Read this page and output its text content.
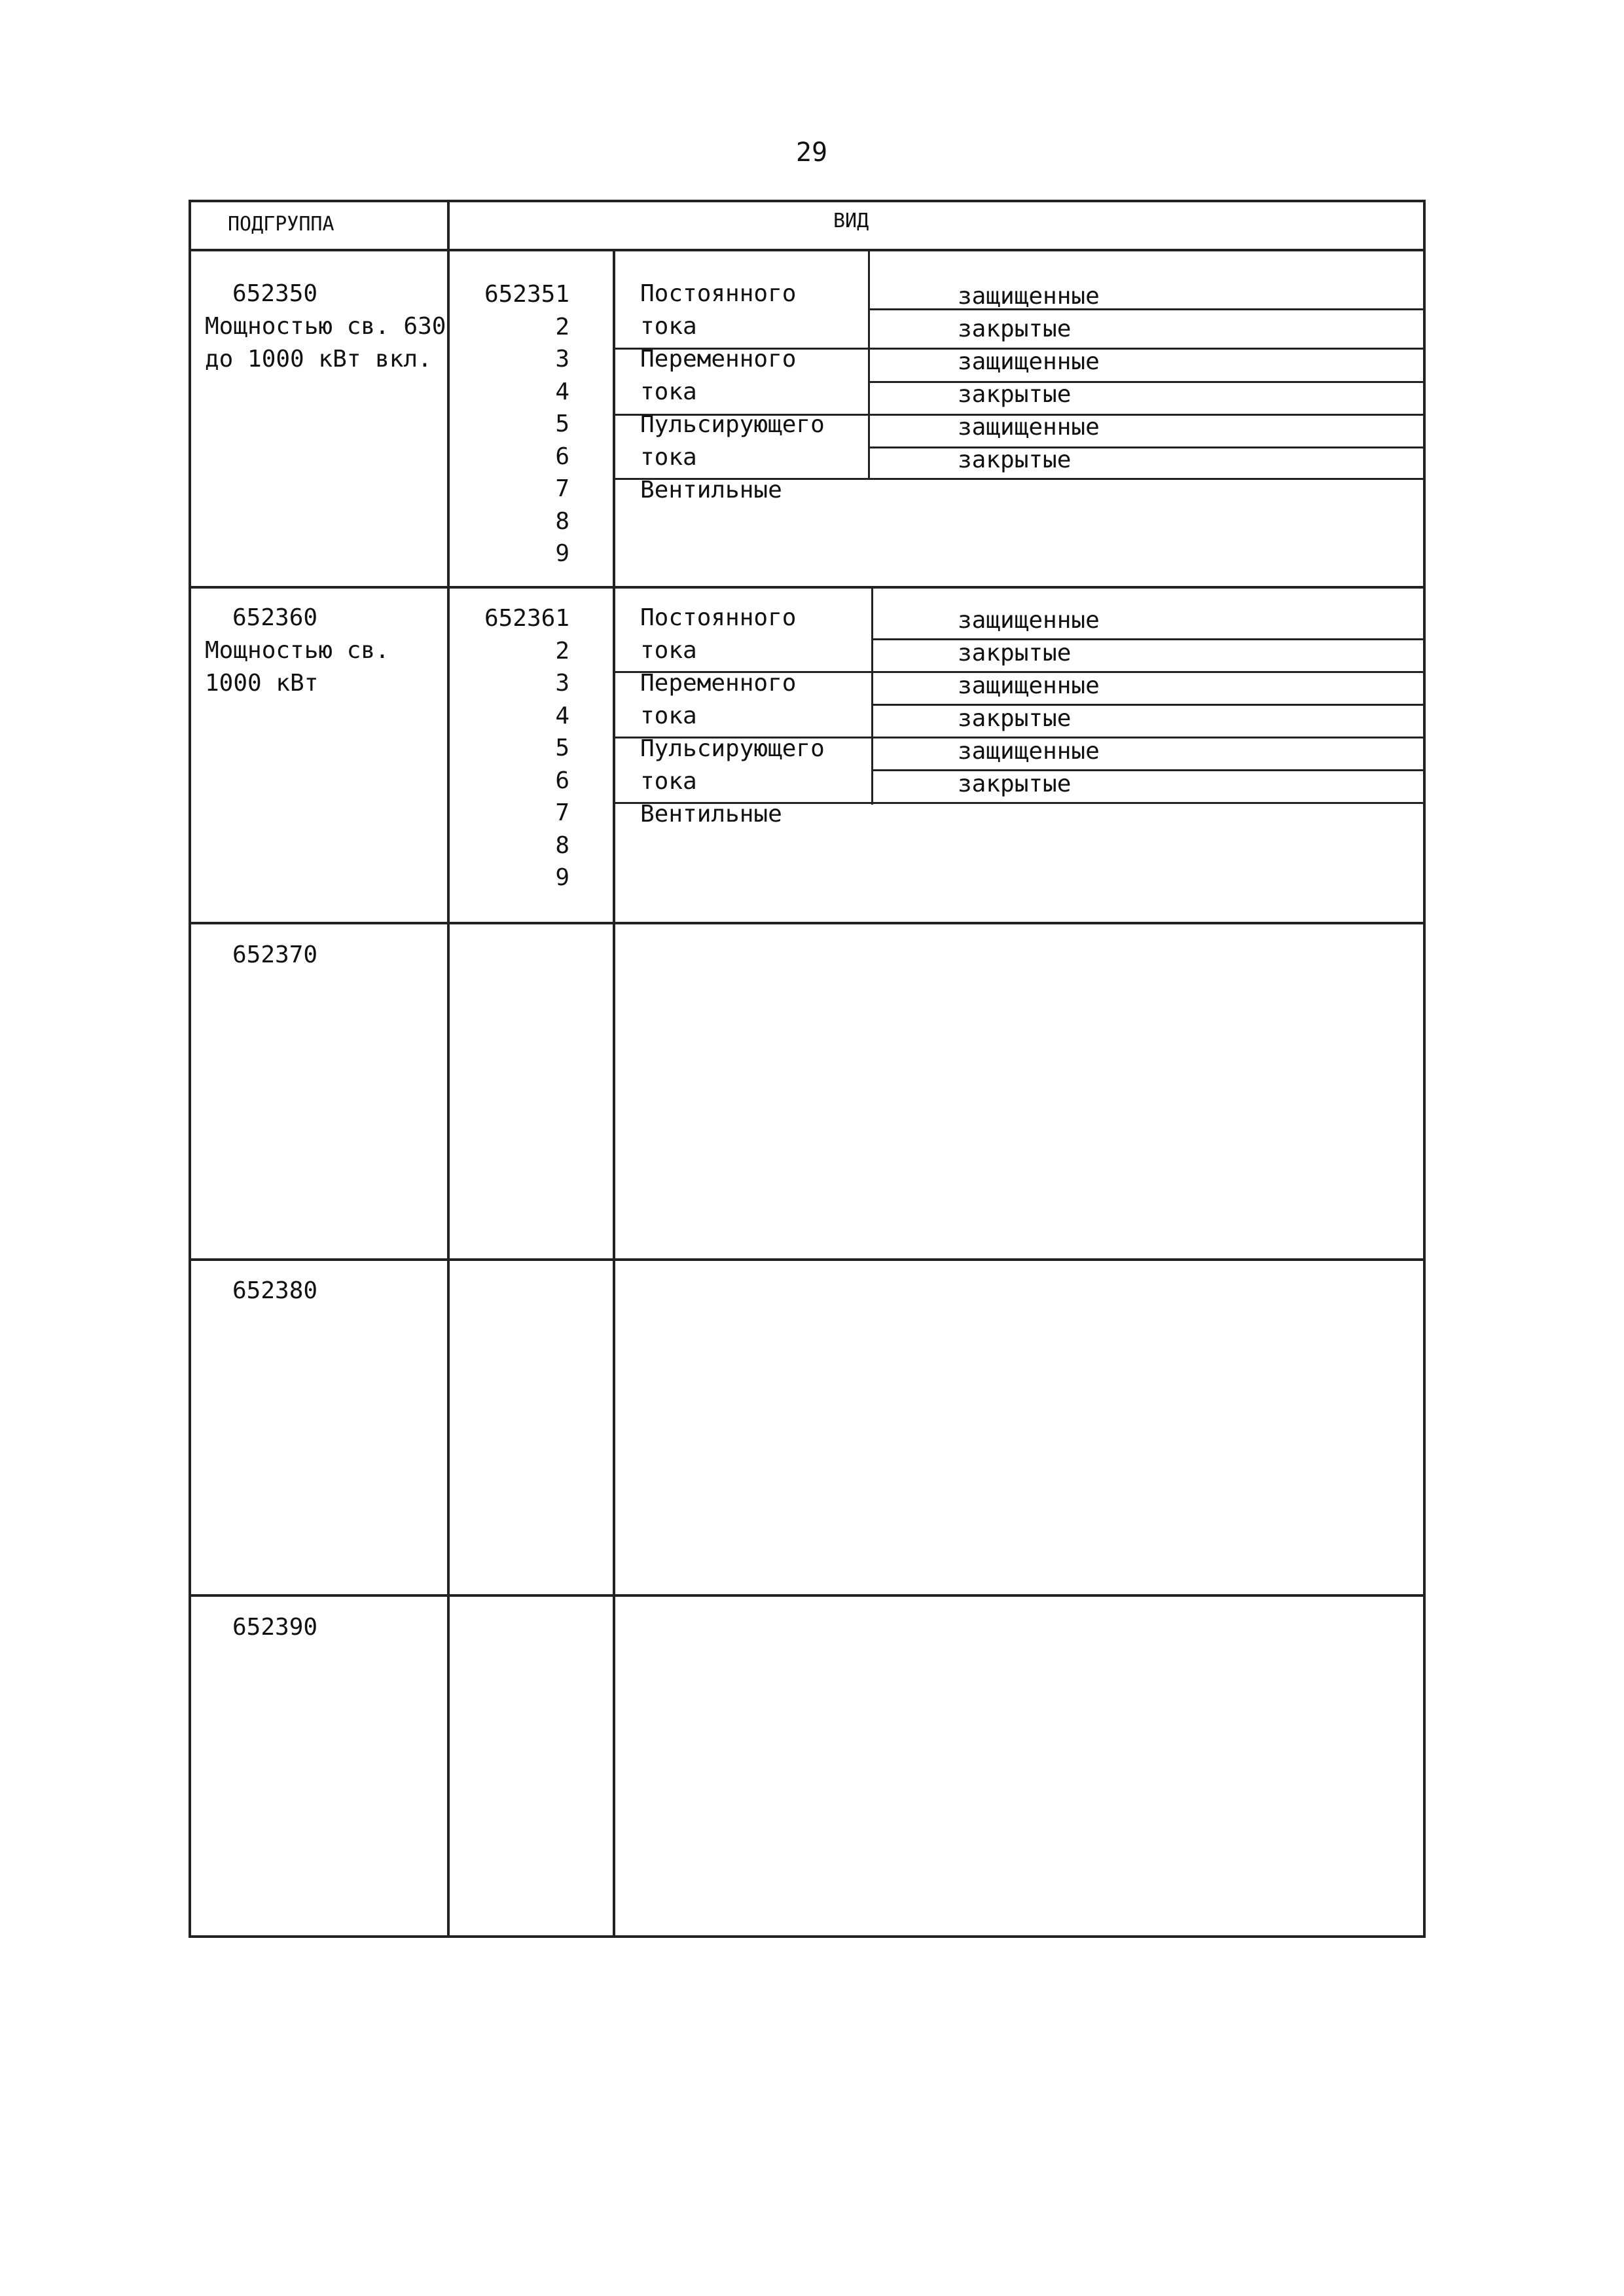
29
ПОДГРУППА	ВИД
652350
Мощностью св. 630
до 1000 кВт вкл.
652351
2
3
4
5
6
7
8
9
Постоянного
тока
Переменного
тока
Пульсирующего
тока
Вентильные
защищенные
закрытые
защищенные
закрытые
защищенные
закрытые
652360
Мощностью св.
1000 кВт
652361
2
3
4
5
6
7
8
9
Постоянного
тока
Переменного
тока
Пульсирующего
тока
Вентильные
защищенные
закрытые
защищенные
закрытые
защищенные
закрытые
652370
652380
652390
